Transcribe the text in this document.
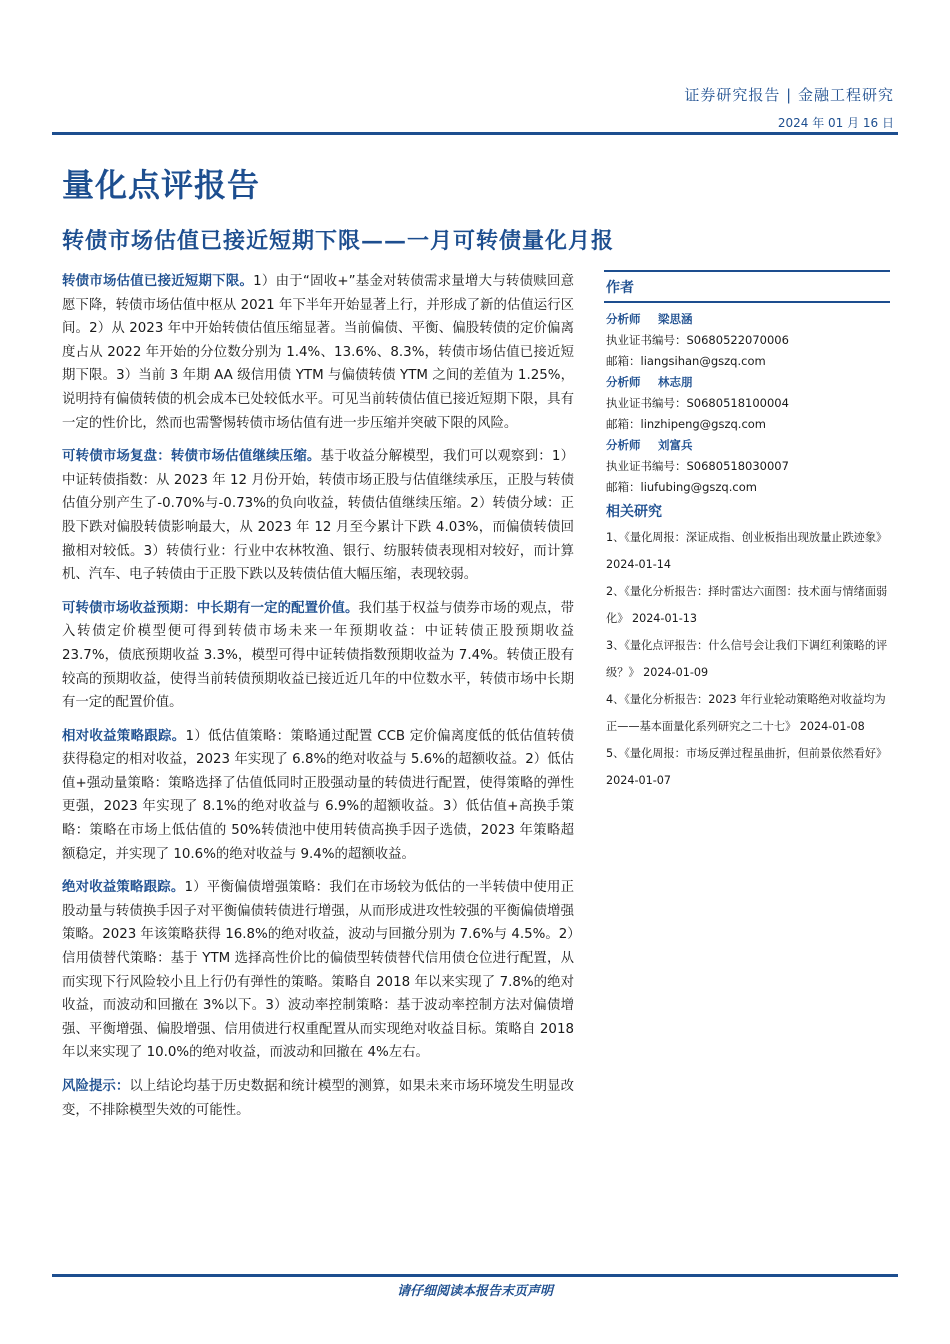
证券研究报告 | 金融工程研究
2024 年 01 月 16 日
量化点评报告
转债市场估值已接近短期下限——一月可转债量化月报

转债市场估值已接近短期下限。1）由于“固收+”基金对转债需求量增大与转债赎回意愿下降，转债市场估值中枢从 2021 年下半年开始显著上行，并形成了新的估值运行区间。2）从 2023 年中开始转债估值压缩显著。当前偏债、平衡、偏股转债的定价偏离度占从 2022 年开始的分位数分别为 1.4%、13.6%、8.3%，转债市场估值已接近短期下限。3）当前 3 年期 AA 级信用债 YTM 与偏债转债 YTM 之间的差值为 1.25%，说明持有偏债转债的机会成本已处较低水平。可见当前转债估值已接近短期下限，具有一定的性价比，然而也需警惕转债市场估值有进一步压缩并突破下限的风险。

可转债市场复盘：转债市场估值继续压缩。基于收益分解模型，我们可以观察到：1）中证转债指数：从 2023 年 12 月份开始，转债市场正股与估值继续承压，正股与转债估值分别产生了-0.70%与-0.73%的负向收益，转债估值继续压缩。2）转债分域：正股下跌对偏股转债影响最大，从 2023 年 12 月至今累计下跌 4.03%，而偏债转债回撤相对较低。3）转债行业：行业中农林牧渔、银行、纺服转债表现相对较好，而计算机、汽车、电子转债由于正股下跌以及转债估值大幅压缩，表现较弱。

可转债市场收益预期：中长期有一定的配置价值。我们基于权益与债券市场的观点，带入转债定价模型便可得到转债市场未来一年预期收益：中证转债正股预期收益 23.7%，债底预期收益 3.3%，模型可得中证转债指数预期收益为 7.4%。转债正股有较高的预期收益，使得当前转债预期收益已接近近几年的中位数水平，转债市场中长期有一定的配置价值。

相对收益策略跟踪。1）低估值策略：策略通过配置 CCB 定价偏离度低的低估值转债获得稳定的相对收益，2023 年实现了 6.8%的绝对收益与 5.6%的超额收益。2）低估值+强动量策略：策略选择了估值低同时正股强动量的转债进行配置，使得策略的弹性更强，2023 年实现了 8.1%的绝对收益与 6.9%的超额收益。3）低估值+高换手策略：策略在市场上低估值的 50%转债池中使用转债高换手因子选债，2023 年策略超额稳定，并实现了 10.6%的绝对收益与 9.4%的超额收益。

绝对收益策略跟踪。1）平衡偏债增强策略：我们在市场较为低估的一半转债中使用正股动量与转债换手因子对平衡偏债转债进行增强，从而形成进攻性较强的平衡偏债增强策略。2023 年该策略获得 16.8%的绝对收益，波动与回撤分别为 7.6%与 4.5%。2）信用债替代策略：基于 YTM 选择高性价比的偏债型转债替代信用债仓位进行配置，从而实现下行风险较小且上行仍有弹性的策略。策略自 2018 年以来实现了 7.8%的绝对收益，而波动和回撤在 3%以下。3）波动率控制策略：基于波动率控制方法对偏债增强、平衡增强、偏股增强、信用债进行权重配置从而实现绝对收益目标。策略自 2018 年以来实现了 10.0%的绝对收益，而波动和回撤在 4%左右。

风险提示：以上结论均基于历史数据和统计模型的测算，如果未来市场环境发生明显改变，不排除模型失效的可能性。

作者
分析师 梁思涵
执业证书编号：S0680522070006
邮箱：liangsihan@gszq.com
分析师 林志朋
执业证书编号：S0680518100004
邮箱：linzhipeng@gszq.com
分析师 刘富兵
执业证书编号：S0680518030007
邮箱：liufubing@gszq.com
相关研究
1、《量化周报：深证成指、创业板指出现放量止跌迹象》
2024-01-14
2、《量化分析报告：择时雷达六面图：技术面与情绪面弱化》 2024-01-13
3、《量化点评报告：什么信号会让我们下调红利策略的评级？》 2024-01-09
4、《量化分析报告：2023 年行业轮动策略绝对收益均为正——基本面量化系列研究之二十七》 2024-01-08
5、《量化周报：市场反弹过程虽曲折，但前景依然看好》
2024-01-07
请仔细阅读本报告末页声明
